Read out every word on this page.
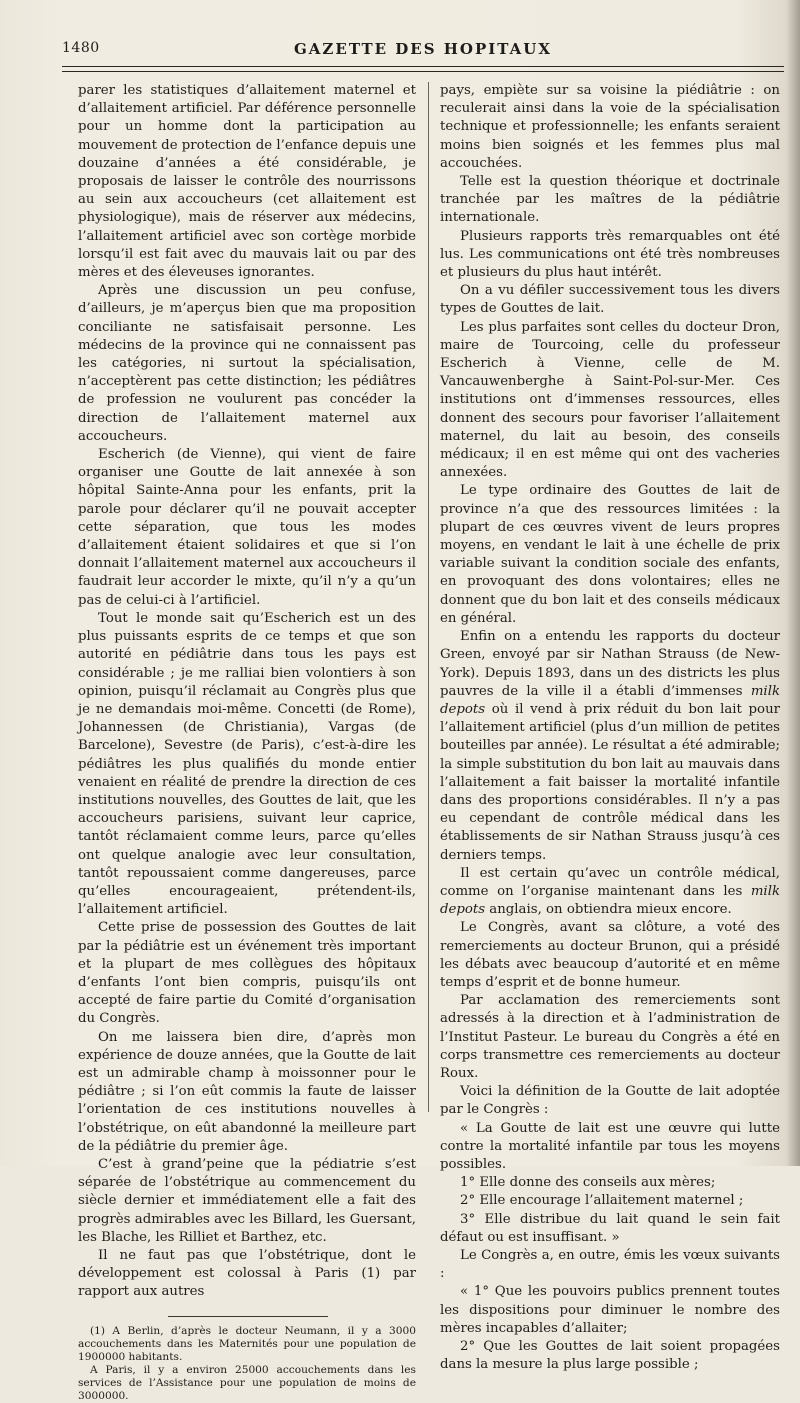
1480	GAZETTE DES HOPITAUX

parer les statistiques d’allaitement maternel et d’allaitement artificiel. Par déférence personnelle pour un homme dont la participation au mouvement de protection de l’enfance depuis une douzaine d’années a été considérable, je proposais de laisser le contrôle des nourrissons au sein aux accoucheurs (cet allaitement est physiologique), mais de réserver aux médecins, l’allaitement artificiel avec son cortège morbide lorsqu’il est fait avec du mauvais lait ou par des mères et des éleveuses ignorantes.

Après une discussion un peu confuse, d’ailleurs, je m’aperçus bien que ma proposition conciliante ne satisfaisait personne. Les médecins de la province qui ne connaissent pas les catégories, ni surtout la spécialisation, n’acceptèrent pas cette distinction; les pédiâtres de profession ne voulurent pas concéder la direction de l’allaitement maternel aux accoucheurs.

Escherich (de Vienne), qui vient de faire organiser une Goutte de lait annexée à son hôpital Sainte-Anna pour les enfants, prit la parole pour déclarer qu’il ne pouvait accepter cette séparation, que tous les modes d’allaitement étaient solidaires et que si l’on donnait l’allaitement maternel aux accoucheurs il faudrait leur accorder le mixte, qu’il n’y a qu’un pas de celui-ci à l’artificiel.

Tout le monde sait qu’Escherich est un des plus puissants esprits de ce temps et que son autorité en pédiâtrie dans tous les pays est considérable ; je me ralliai bien volontiers à son opinion, puisqu’il réclamait au Congrès plus que je ne demandais moi-même. Concetti (de Rome), Johannessen (de Christiania), Vargas (de Barcelone), Sevestre (de Paris), c’est-à-dire les pédiâtres les plus qualifiés du monde entier venaient en réalité de prendre la direction de ces institutions nouvelles, des Gouttes de lait, que les accoucheurs parisiens, suivant leur caprice, tantôt réclamaient comme leurs, parce qu’elles ont quelque analogie avec leur consultation, tantôt repoussaient comme dangereuses, parce qu’elles encourageaient, prétendent-ils, l’allaitement artificiel.

Cette prise de possession des Gouttes de lait par la pédiâtrie est un événement très important et la plupart de mes collègues des hôpitaux d’enfants l’ont bien compris, puisqu’ils ont accepté de faire partie du Comité d’organisation du Congrès.

On me laissera bien dire, d’après mon expérience de douze années, que la Goutte de lait est un admirable champ à moissonner pour le pédiâtre ; si l’on eût commis la faute de laisser l’orientation de ces institutions nouvelles à l’obstétrique, on eût abandonné la meilleure part de la pédiâtrie du premier âge.

C’est à grand’peine que la pédiatrie s’est séparée de l’obstétrique au commencement du siècle dernier et immédiatement elle a fait des progrès admirables avec les Billard, les Guersant, les Blache, les Rilliet et Barthez, etc.

Il ne faut pas que l’obstétrique, dont le développement est colossal à Paris (1) par rapport aux autres

(1) A Berlin, d’après le docteur Neumann, il y a 3000 accouchements dans les Maternités pour une population de 1900000 habitants.

A Paris, il y a environ 25000 accouchements dans les services de l’Assistance pour une population de moins de 3000000.

pays, empiète sur sa voisine la piédiâtrie : on reculerait ainsi dans la voie de la spécialisation technique et professionnelle; les enfants seraient moins bien soignés et les femmes plus mal accouchées.

Telle est la question théorique et doctrinale tranchée par les maîtres de la pédiâtrie internationale.

Plusieurs rapports très remarquables ont été lus. Les communications ont été très nombreuses et plusieurs du plus haut intérêt.

On a vu défiler successivement tous les divers types de Gouttes de lait.

Les plus parfaites sont celles du docteur Dron, maire de Tourcoing, celle du professeur Escherich à Vienne, celle de M. Vancauwenberghe à Saint-Pol-sur-Mer. Ces institutions ont d’immenses ressources, elles donnent des secours pour favoriser l’allaitement maternel, du lait au besoin, des conseils médicaux; il en est même qui ont des vacheries annexées.

Le type ordinaire des Gouttes de lait de province n’a que des ressources limitées : la plupart de ces œuvres vivent de leurs propres moyens, en vendant le lait à une échelle de prix variable suivant la condition sociale des enfants, en provoquant des dons volontaires; elles ne donnent que du bon lait et des conseils médicaux en général.

Enfin on a entendu les rapports du docteur Green, envoyé par sir Nathan Strauss (de New-York). Depuis 1893, dans un des districts les plus pauvres de la ville il a établi d’immenses milk depots où il vend à prix réduit du bon lait pour l’allaitement artificiel (plus d’un million de petites bouteilles par année). Le résultat a été admirable; la simple substitution du bon lait au mauvais dans l’allaitement a fait baisser la mortalité infantile dans des proportions considérables. Il n’y a pas eu cependant de contrôle médical dans les établissements de sir Nathan Strauss jusqu’à ces derniers temps.

Il est certain qu’avec un contrôle médical, comme on l’organise maintenant dans les milk depots anglais, on obtiendra mieux encore.

Le Congrès, avant sa clôture, a voté des remerciements au docteur Brunon, qui a présidé les débats avec beaucoup d’autorité et en même temps d’esprit et de bonne humeur.

Par acclamation des remerciements sont adressés à la direction et à l’administration de l’Institut Pasteur. Le bureau du Congrès a été en corps transmettre ces remerciements au docteur Roux.

Voici la définition de la Goutte de lait adoptée par le Congrès :

« La Goutte de lait est une œuvre qui lutte contre la mortalité infantile par tous les moyens possibles.

1° Elle donne des conseils aux mères;

2° Elle encourage l’allaitement maternel ;

3° Elle distribue du lait quand le sein fait défaut ou est insuffisant. »

Le Congrès a, en outre, émis les vœux suivants :

« 1° Que les pouvoirs publics prennent toutes les dispositions pour diminuer le nombre des mères incapables d’allaiter;

2° Que les Gouttes de lait soient propagées dans la mesure la plus large possible ;
